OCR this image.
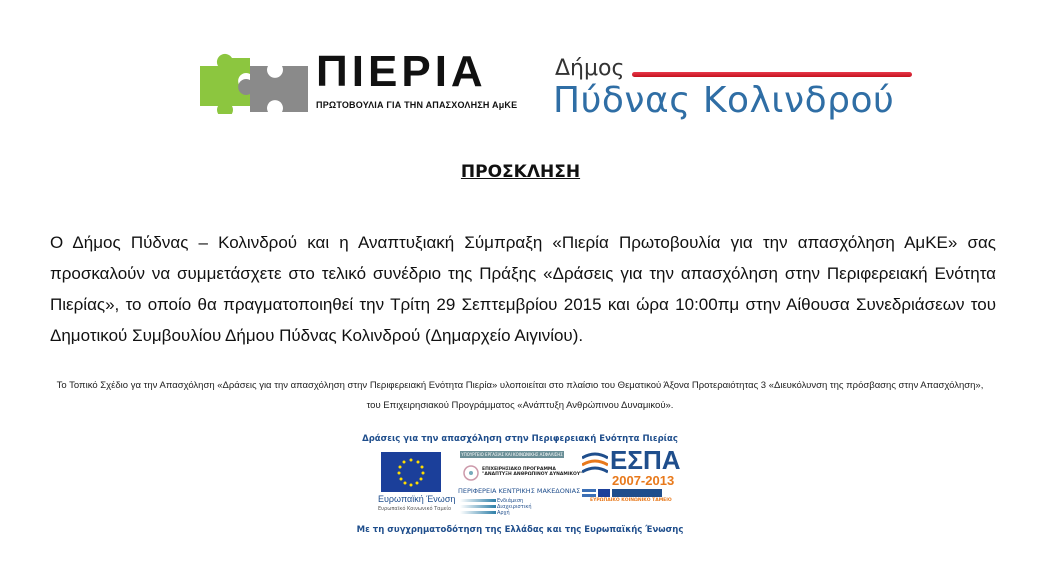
ΠΙΕΡΙΑ
ΠΡΩΤΟΒΟΥΛΙΑ ΓΙΑ ΤΗΝ ΑΠΑΣΧΟΛΗΣΗ ΑμΚΕ
Δήμος
Πύδνας Κολινδρού
ΠΡΟΣΚΛΗΣΗ
Ο Δήμος Πύδνας – Κολινδρού και η Αναπτυξιακή Σύμπραξη «Πιερία Πρωτοβουλία για την απασχόληση ΑμΚΕ» σας προσκαλούν να συμμετάσχετε στο τελικό συνέδριο της Πράξης «Δράσεις για την απασχόληση στην Περιφερειακή Ενότητα Πιερίας», το οποίο θα πραγματοποιηθεί την Τρίτη 29 Σεπτεμβρίου 2015 και ώρα 10:00πμ στην Αίθουσα Συνεδριάσεων του Δημοτικού Συμβουλίου Δήμου Πύδνας Κολινδρού (Δημαρχείο Αιγινίου).
Το Τοπικό Σχέδιο γα την Απασχόληση «Δράσεις για την απασχόληση στην Περιφερειακή Ενότητα Πιερία» υλοποιείται στο πλαίσιο του Θεματικού Άξονα Προτεραιότητας 3 «Διευκόλυνση της πρόσβασης στην Απασχόληση», του Επιχειρησιακού Προγράμματος «Ανάπτυξη Ανθρώπινου Δυναμικού».
Δράσεις για την απασχόληση στην Περιφερειακή Ενότητα Πιερίας
Ευρωπαϊκή Ένωση
Ευρωπαϊκό Κοινωνικό Ταμείο
ΥΠΟΥΡΓΕΙΟ ΕΡΓΑΣΙΑΣ ΚΑΙ ΚΟΙΝΩΝΙΚΗΣ ΑΣΦΑΛΙΣΗΣ
ΕΠΙΧΕΙΡΗΣΙΑΚΟ ΠΡΟΓΡΑΜΜΑ
"ΑΝΑΠΤΥΞΗ ΑΝΘΡΩΠΙΝΟΥ ΔΥΝΑΜΙΚΟΥ"
ΠΕΡΙΦΕΡΕΙΑ ΚΕΝΤΡΙΚΗΣ ΜΑΚΕΔΟΝΙΑΣ
Ενδιάμεση
Διαχειριστική
Αρχή
ΕΣΠΑ
2007-2013
ΕΥΡΩΠΑΙΚΟ ΚΟΙΝΩΝΙΚΟ ΤΑΜΕΙΟ
Με τη συγχρηματοδότηση της Ελλάδας και της Ευρωπαϊκής Ένωσης
